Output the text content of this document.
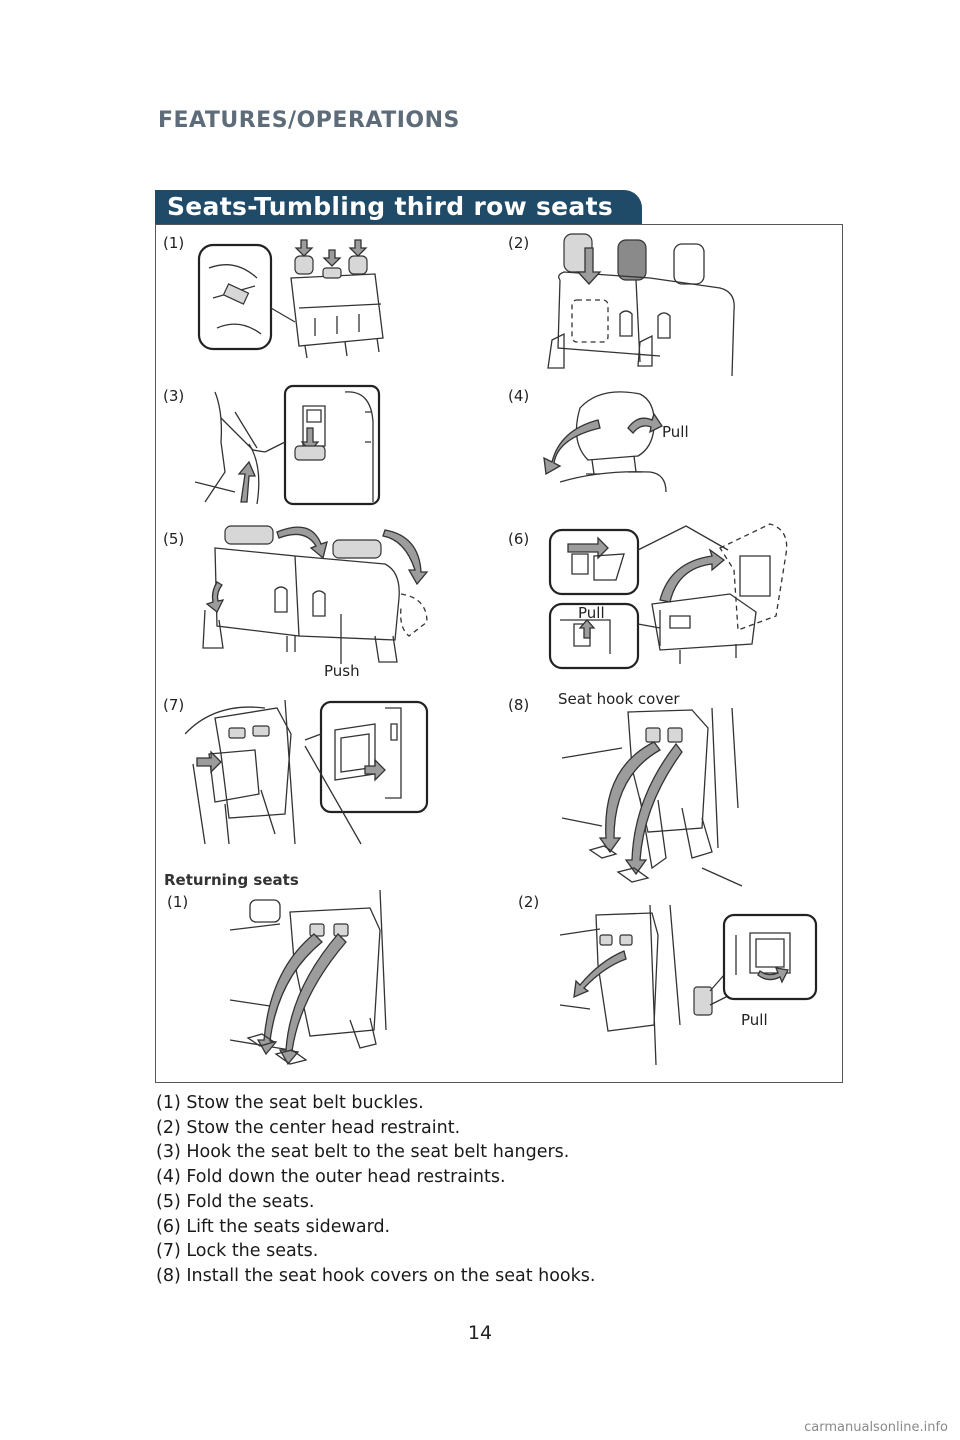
FEATURES/OPERATIONS
Seats-Tumbling third row seats
(1)	(2)
(3)	(4)
(5)	(6)
(7)	(8)
Pull
Push
Pull
Seat hook cover
Returning seats
(1)	(2)
Pull
(1) Stow the seat belt buckles.
(2) Stow the center head restraint.
(3) Hook the seat belt to the seat belt hangers.
(4) Fold down the outer head restraints.
(5) Fold the seats.
(6) Lift the seats sideward.
(7) Lock the seats.
(8) Install the seat hook covers on the seat hooks.
14
carmanualsonline.info
